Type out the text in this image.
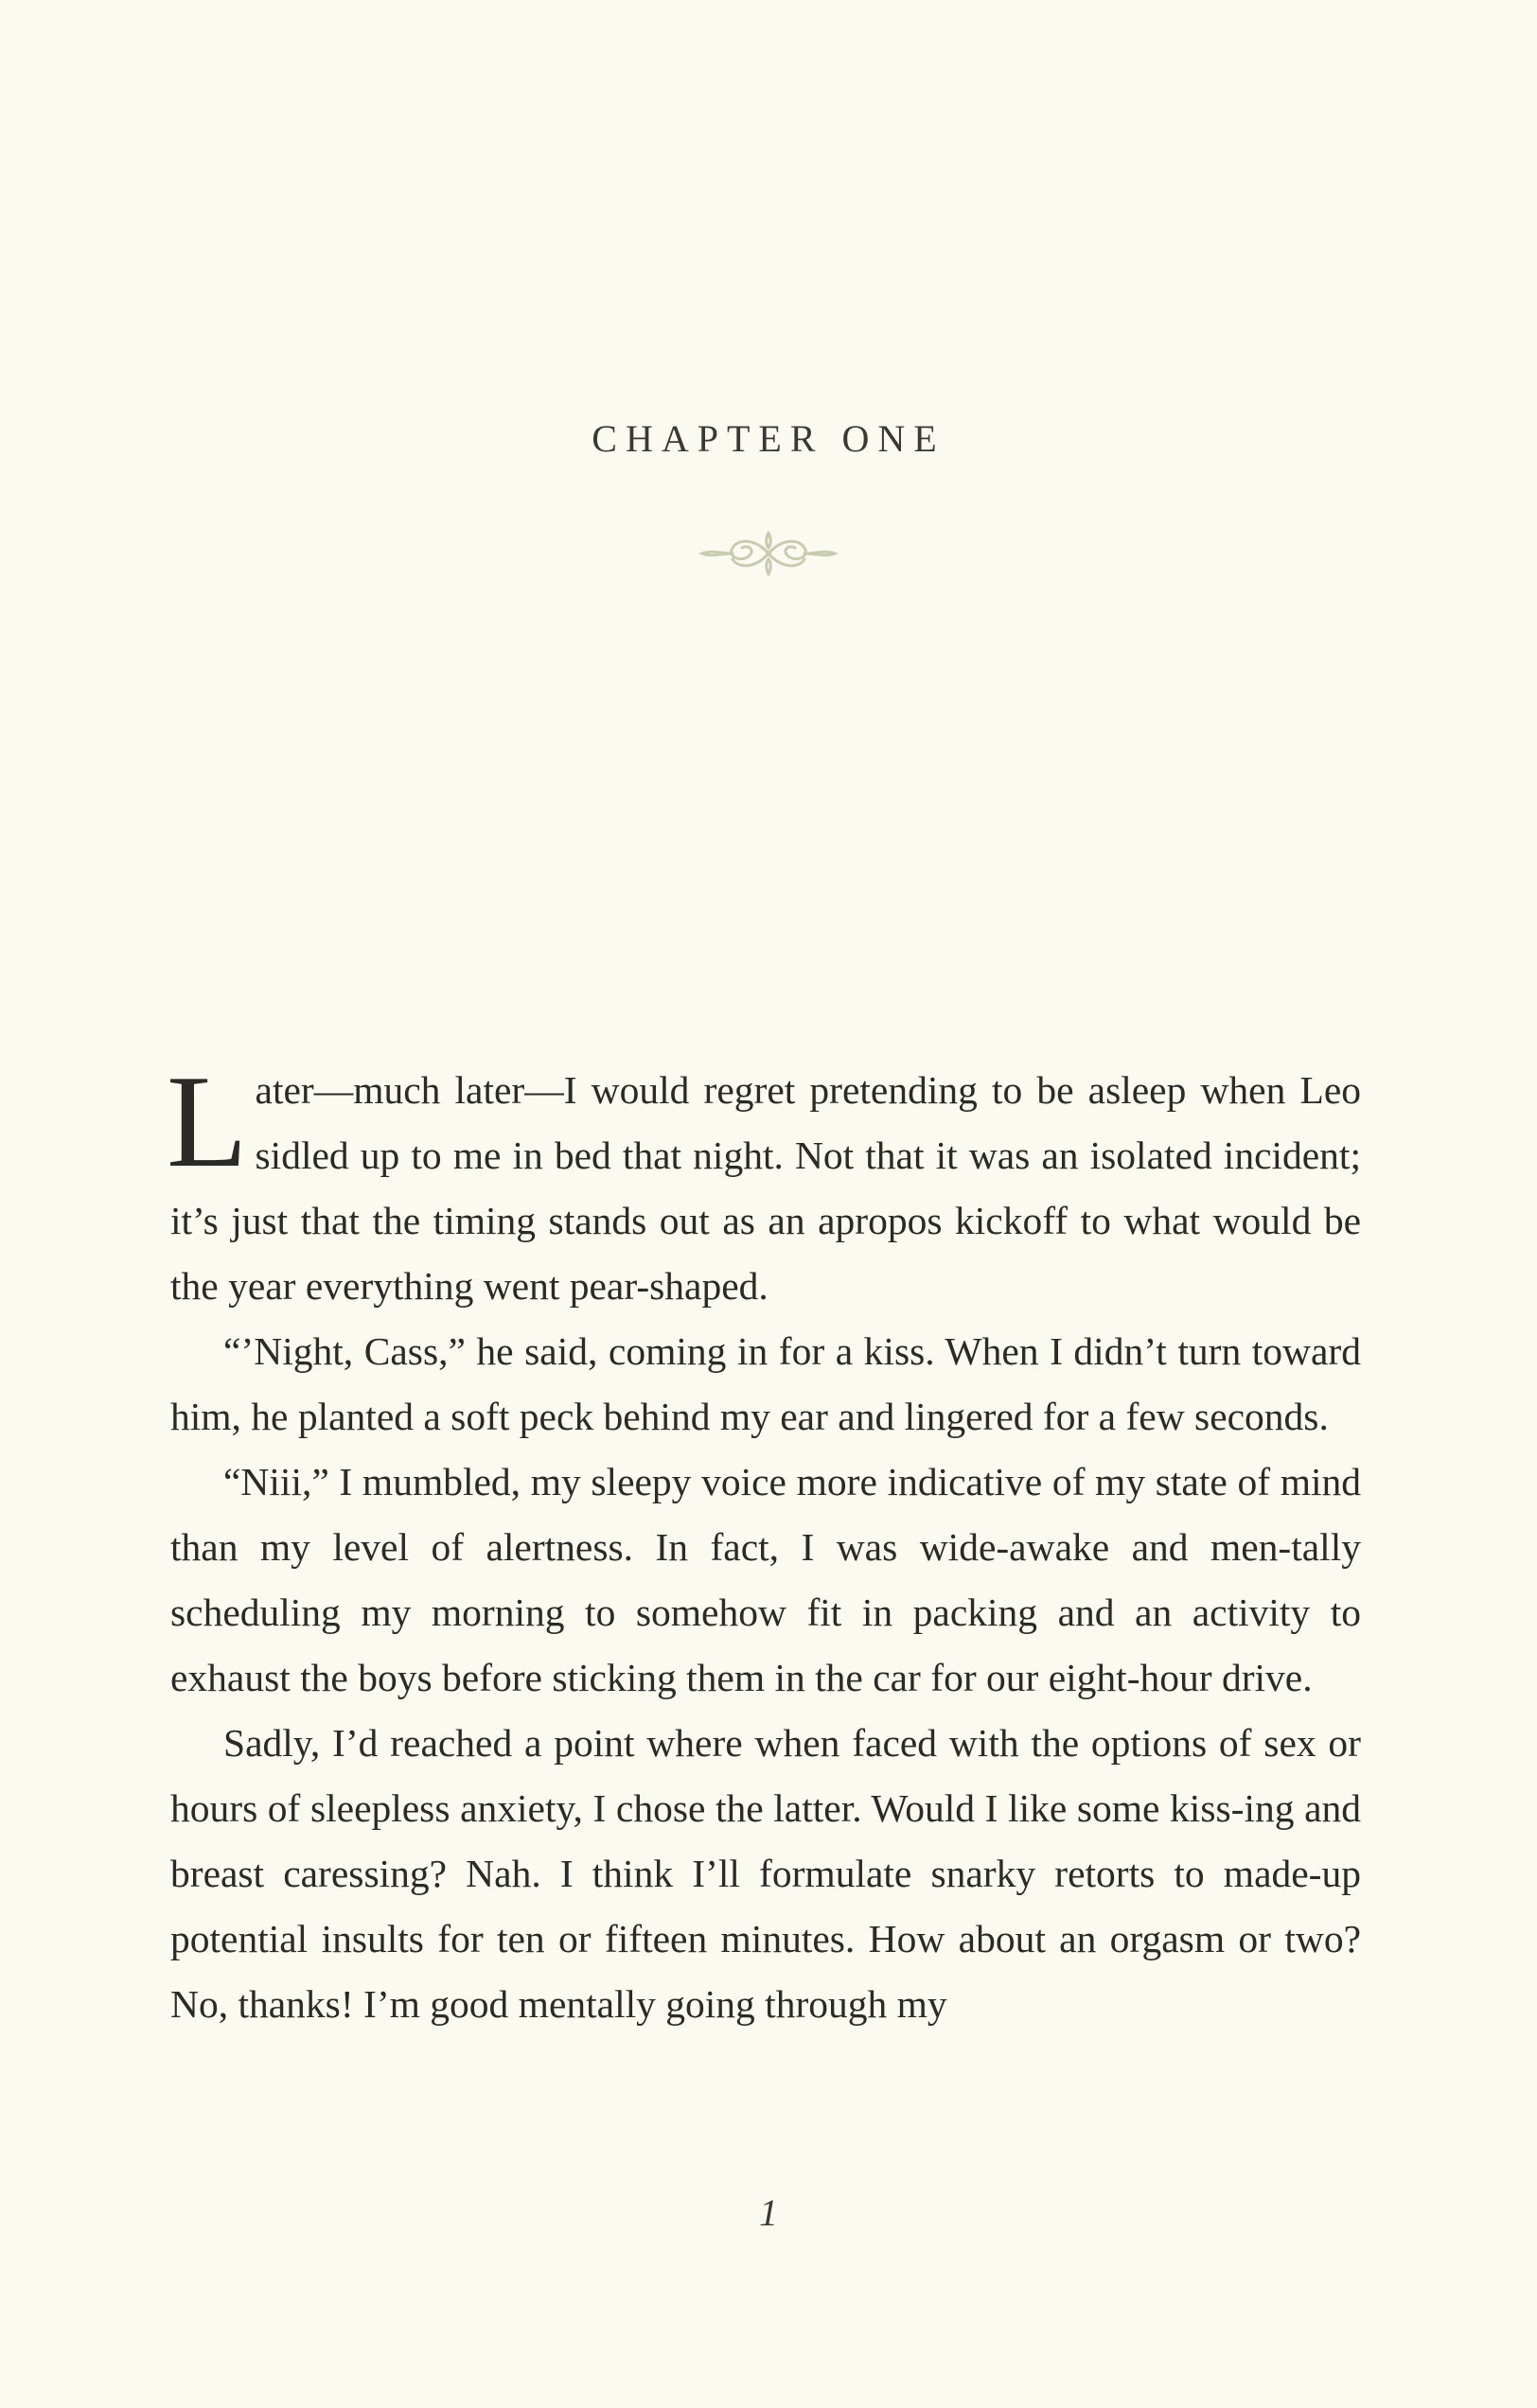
CHAPTER ONE

Later—much later—I would regret pretending to be asleep when Leo sidled up to me in bed that night. Not that it was an isolated incident; it’s just that the timing stands out as an apropos kickoff to what would be the year everything went pear-shaped.

“’Night, Cass,” he said, coming in for a kiss. When I didn’t turn toward him, he planted a soft peck behind my ear and lingered for a few seconds.

“Niii,” I mumbled, my sleepy voice more indicative of my state of mind than my level of alertness. In fact, I was wide-awake and men-tally scheduling my morning to somehow fit in packing and an activity to exhaust the boys before sticking them in the car for our eight-hour drive.

Sadly, I’d reached a point where when faced with the options of sex or hours of sleepless anxiety, I chose the latter. Would I like some kiss-ing and breast caressing? Nah. I think I’ll formulate snarky retorts to made-up potential insults for ten or fifteen minutes. How about an orgasm or two? No, thanks! I’m good mentally going through my

1
